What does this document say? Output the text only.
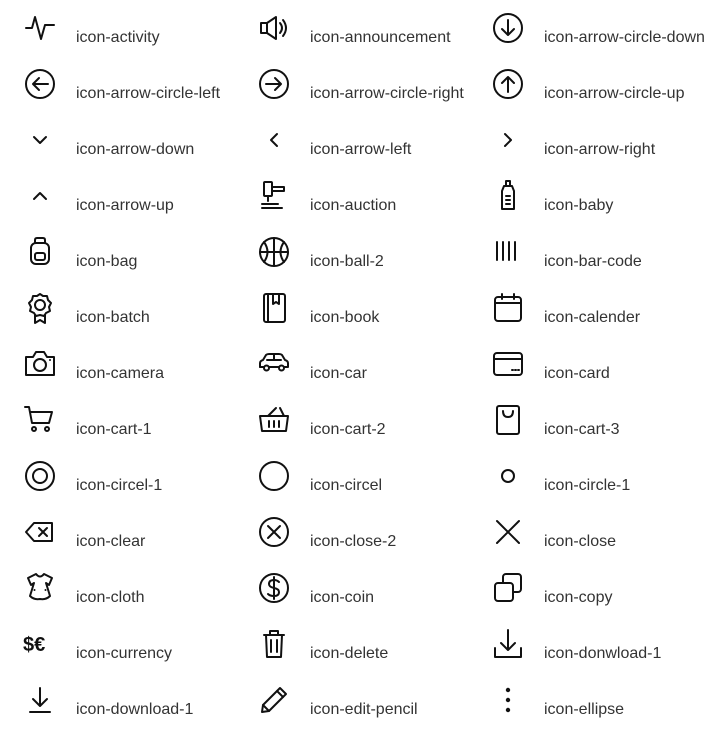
icon-activity	icon-announcement	icon-arrow-circle-down
icon-arrow-circle-left	icon-arrow-circle-right	icon-arrow-circle-up
icon-arrow-down	icon-arrow-left	icon-arrow-right
icon-arrow-up	icon-auction	icon-baby
icon-bag	icon-ball-2	icon-bar-code
icon-batch	icon-book	icon-calender
icon-camera	icon-car	icon-card
icon-cart-1	icon-cart-2	icon-cart-3
icon-circel-1	icon-circel	icon-circle-1
icon-clear	icon-close-2	icon-close
icon-cloth	icon-coin	icon-copy
$€ icon-currency	icon-delete	icon-donwload-1
icon-download-1	icon-edit-pencil	icon-ellipse
